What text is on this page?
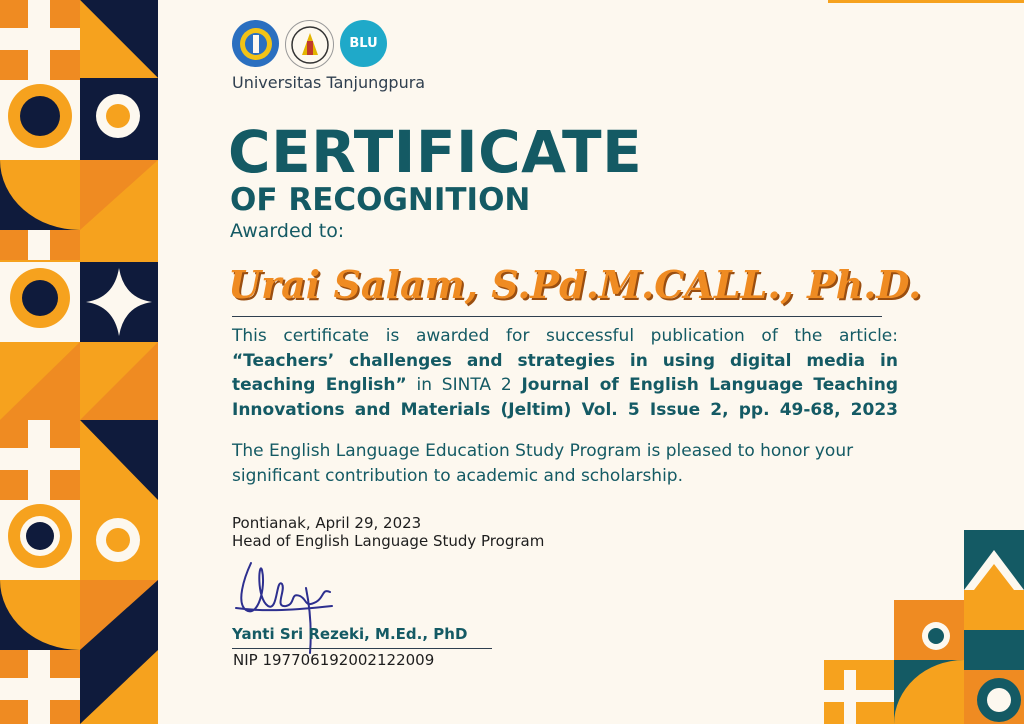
BLU
Universitas Tanjungpura
CERTIFICATE
OF RECOGNITION
Awarded to:
Urai Salam, S.Pd.M.CALL., Ph.D.
This certificate is awarded for successful publication of the article: “Teachers’ challenges and strategies in using digital media in teaching English” in SINTA 2 Journal of English Language Teaching Innovations and Materials (Jeltim) Vol. 5 Issue 2, pp. 49-68, 2023
The English Language Education Study Program is pleased to honor your significant contribution to academic and scholarship.
Pontianak, April 29, 2023
Head of English Language Study Program
Yanti Sri Rezeki, M.Ed., PhD
NIP 197706192002122009
